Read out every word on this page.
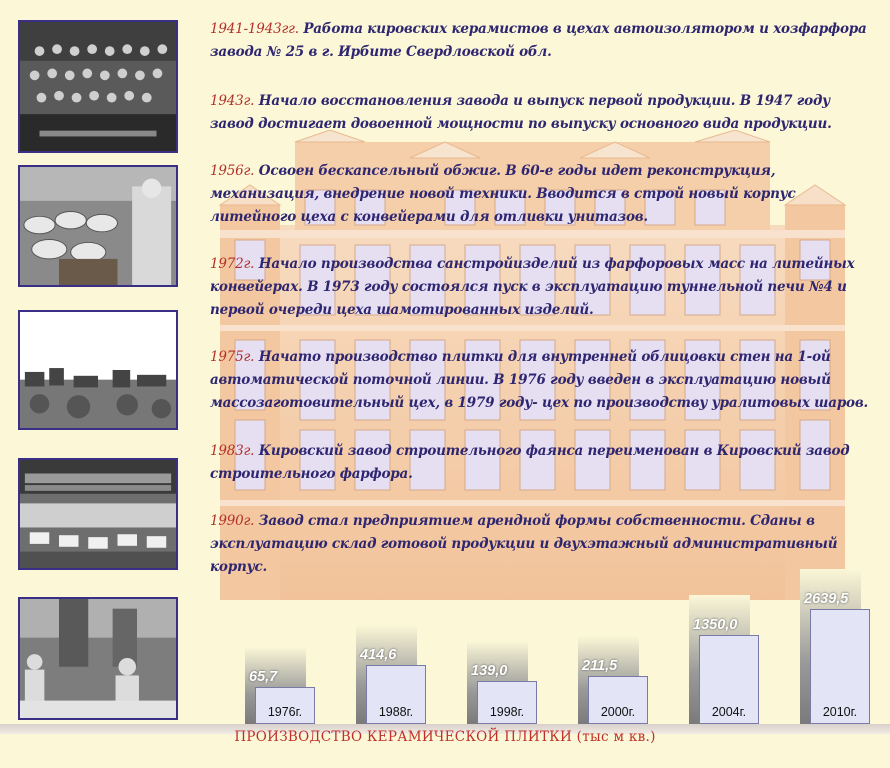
1941-1943гг. Работа кировских керамистов в цехах автоизолятором и хозфарфора завода № 25 в г. Ирбите Свердловской обл.
1943г. Начало восстановления завода и выпуск первой продукции. В 1947 году завод достигает довоенной мощности по выпуску основного вида продукции.
1956г. Освоен бескапсельный обжиг. В 60-е годы идет реконструкция, механизация, внедрение новой техники. Вводится в строй новый корпус литейного цеха с конвейерами для отливки унитазов.
1972г. Начало производства санстройизделий из фарфоровых масс на литейных конвейерах. В 1973 году состоялся пуск в эксплуатацию туннельной печи №4 и первой очереди цеха шамотированных изделий.
1975г. Начато производство плитки для внутренней облицовки стен на 1-ой автоматической поточной линии. В 1976 году введен в эксплуатацию новый массозаготовительный цех, в 1979 году- цех по производству уралитовых шаров.
1983г. Кировский завод строительного фаянса переименован в Кировский завод строительного фарфора.
1990г. Завод стал предприятием арендной формы собственности. Сданы в эксплуатацию склад готовой продукции и двухэтажный административный корпус.
1976г.
65,7
1988г.
414,6
1998г.
139,0
2000г.
211,5
2004г.
1350,0
2010г.
2639,5
ПРОИЗВОДСТВО КЕРАМИЧЕСКОЙ ПЛИТКИ (тыс м кв.)
